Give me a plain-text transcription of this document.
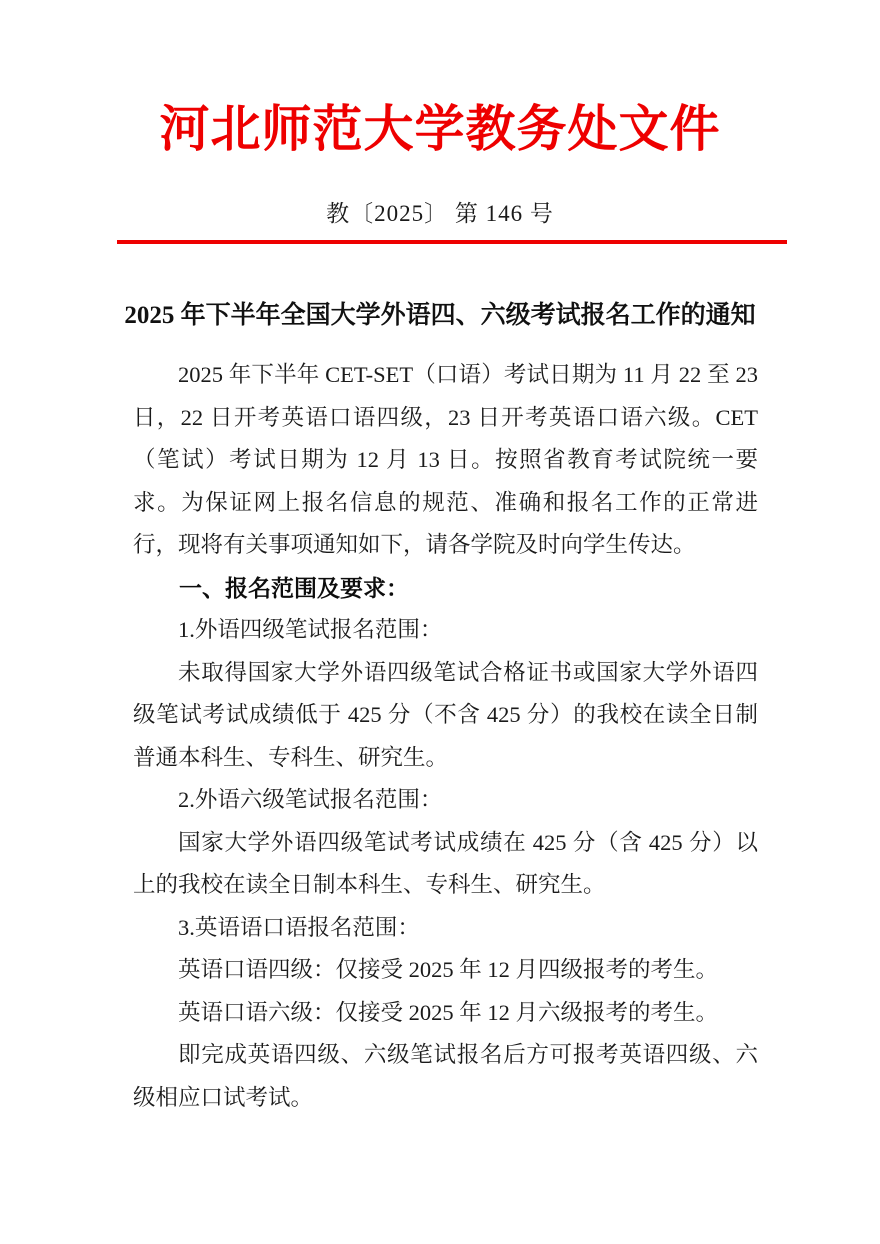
河北师范大学教务处文件
教〔2025〕 第 146 号
2025 年下半年全国大学外语四、六级考试报名工作的通知

2025 年下半年 CET-SET（口语）考试日期为 11 月 22 至 23 日，22 日开考英语口语四级，23 日开考英语口语六级。CET（笔试）考试日期为 12 月 13 日。按照省教育考试院统一要求。为保证网上报名信息的规范、准确和报名工作的正常进行，现将有关事项通知如下，请各学院及时向学生传达。

一、报名范围及要求：

1.外语四级笔试报名范围：

未取得国家大学外语四级笔试合格证书或国家大学外语四级笔试考试成绩低于 425 分（不含 425 分）的我校在读全日制普通本科生、专科生、研究生。

2.外语六级笔试报名范围：

国家大学外语四级笔试考试成绩在 425 分（含 425 分）以上的我校在读全日制本科生、专科生、研究生。

3.英语语口语报名范围：

英语口语四级：仅接受 2025 年 12 月四级报考的考生。

英语口语六级：仅接受 2025 年 12 月六级报考的考生。

即完成英语四级、六级笔试报名后方可报考英语四级、六级相应口试考试。
